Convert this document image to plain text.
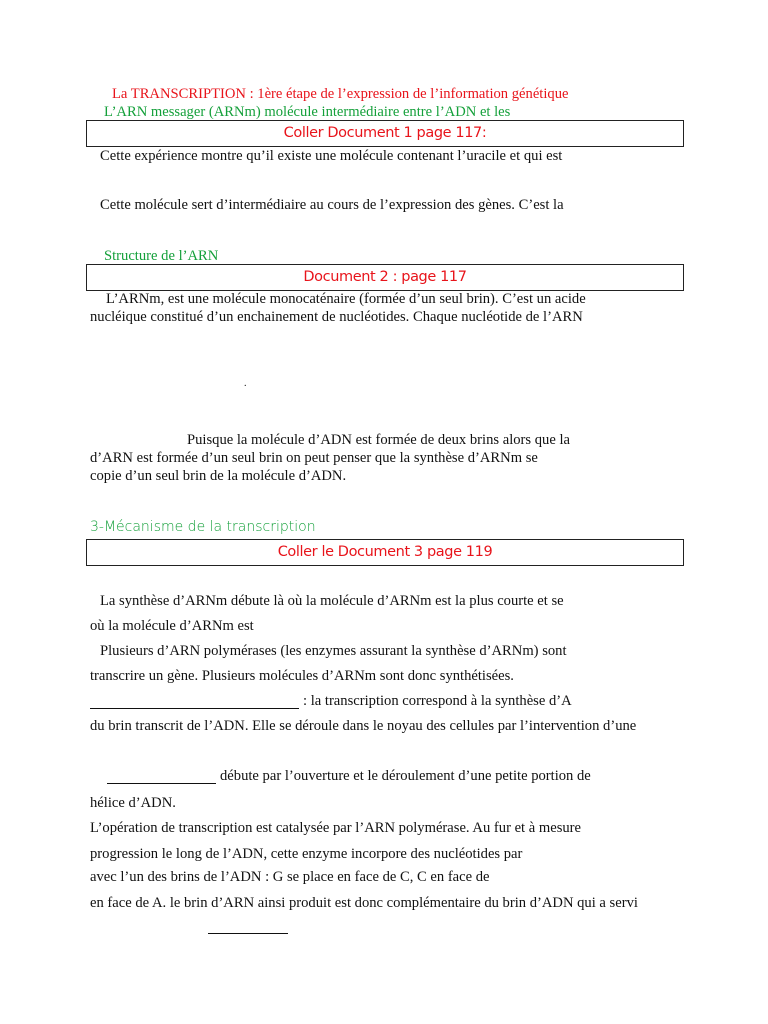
La TRANSCRIPTION : 1ère étape de l’expression de l’information génétique
L’ARN messager (ARNm) molécule intermédiaire entre l’ADN et les
Coller Document 1 page 117:
Cette expérience montre qu’il existe une molécule contenant l’uracile et qui est
Cette molécule sert d’intermédiaire au cours de l’expression des gènes. C’est la
Structure de l’ARN
Document 2 : page 117
L’ARNm, est une molécule monocaténaire (formée d’un seul brin). C’est un acide
nucléique constitué d’un enchainement de nucléotides. Chaque nucléotide de l’ARN
.
Puisque la molécule d’ADN est formée de deux brins alors que la
d’ARN est formée d’un seul brin on peut penser que la synthèse d’ARNm se
copie d’un seul brin de la molécule d’ADN.
3-Mécanisme de la transcription
Coller le Document 3 page 119
La synthèse d’ARNm débute là où la molécule d’ARNm est la plus courte et se
où la molécule d’ARNm est
Plusieurs d’ARN polymérases (les enzymes assurant la synthèse d’ARNm) sont
transcrire un gène. Plusieurs molécules d’ARNm sont donc synthétisées.
: la transcription correspond à la synthèse d’A
du brin transcrit de l’ADN. Elle se déroule dans le noyau des cellules par l’intervention d’une
débute par l’ouverture et le déroulement d’une petite portion de
hélice d’ADN.
L’opération de transcription est catalysée par l’ARN polymérase. Au fur et à mesure
progression le long de l’ADN, cette enzyme incorpore des nucléotides par
avec l’un des brins de l’ADN : G se place en face de C, C en face de
en face de A. le brin d’ARN ainsi produit est donc complémentaire du brin d’ADN qui a servi
